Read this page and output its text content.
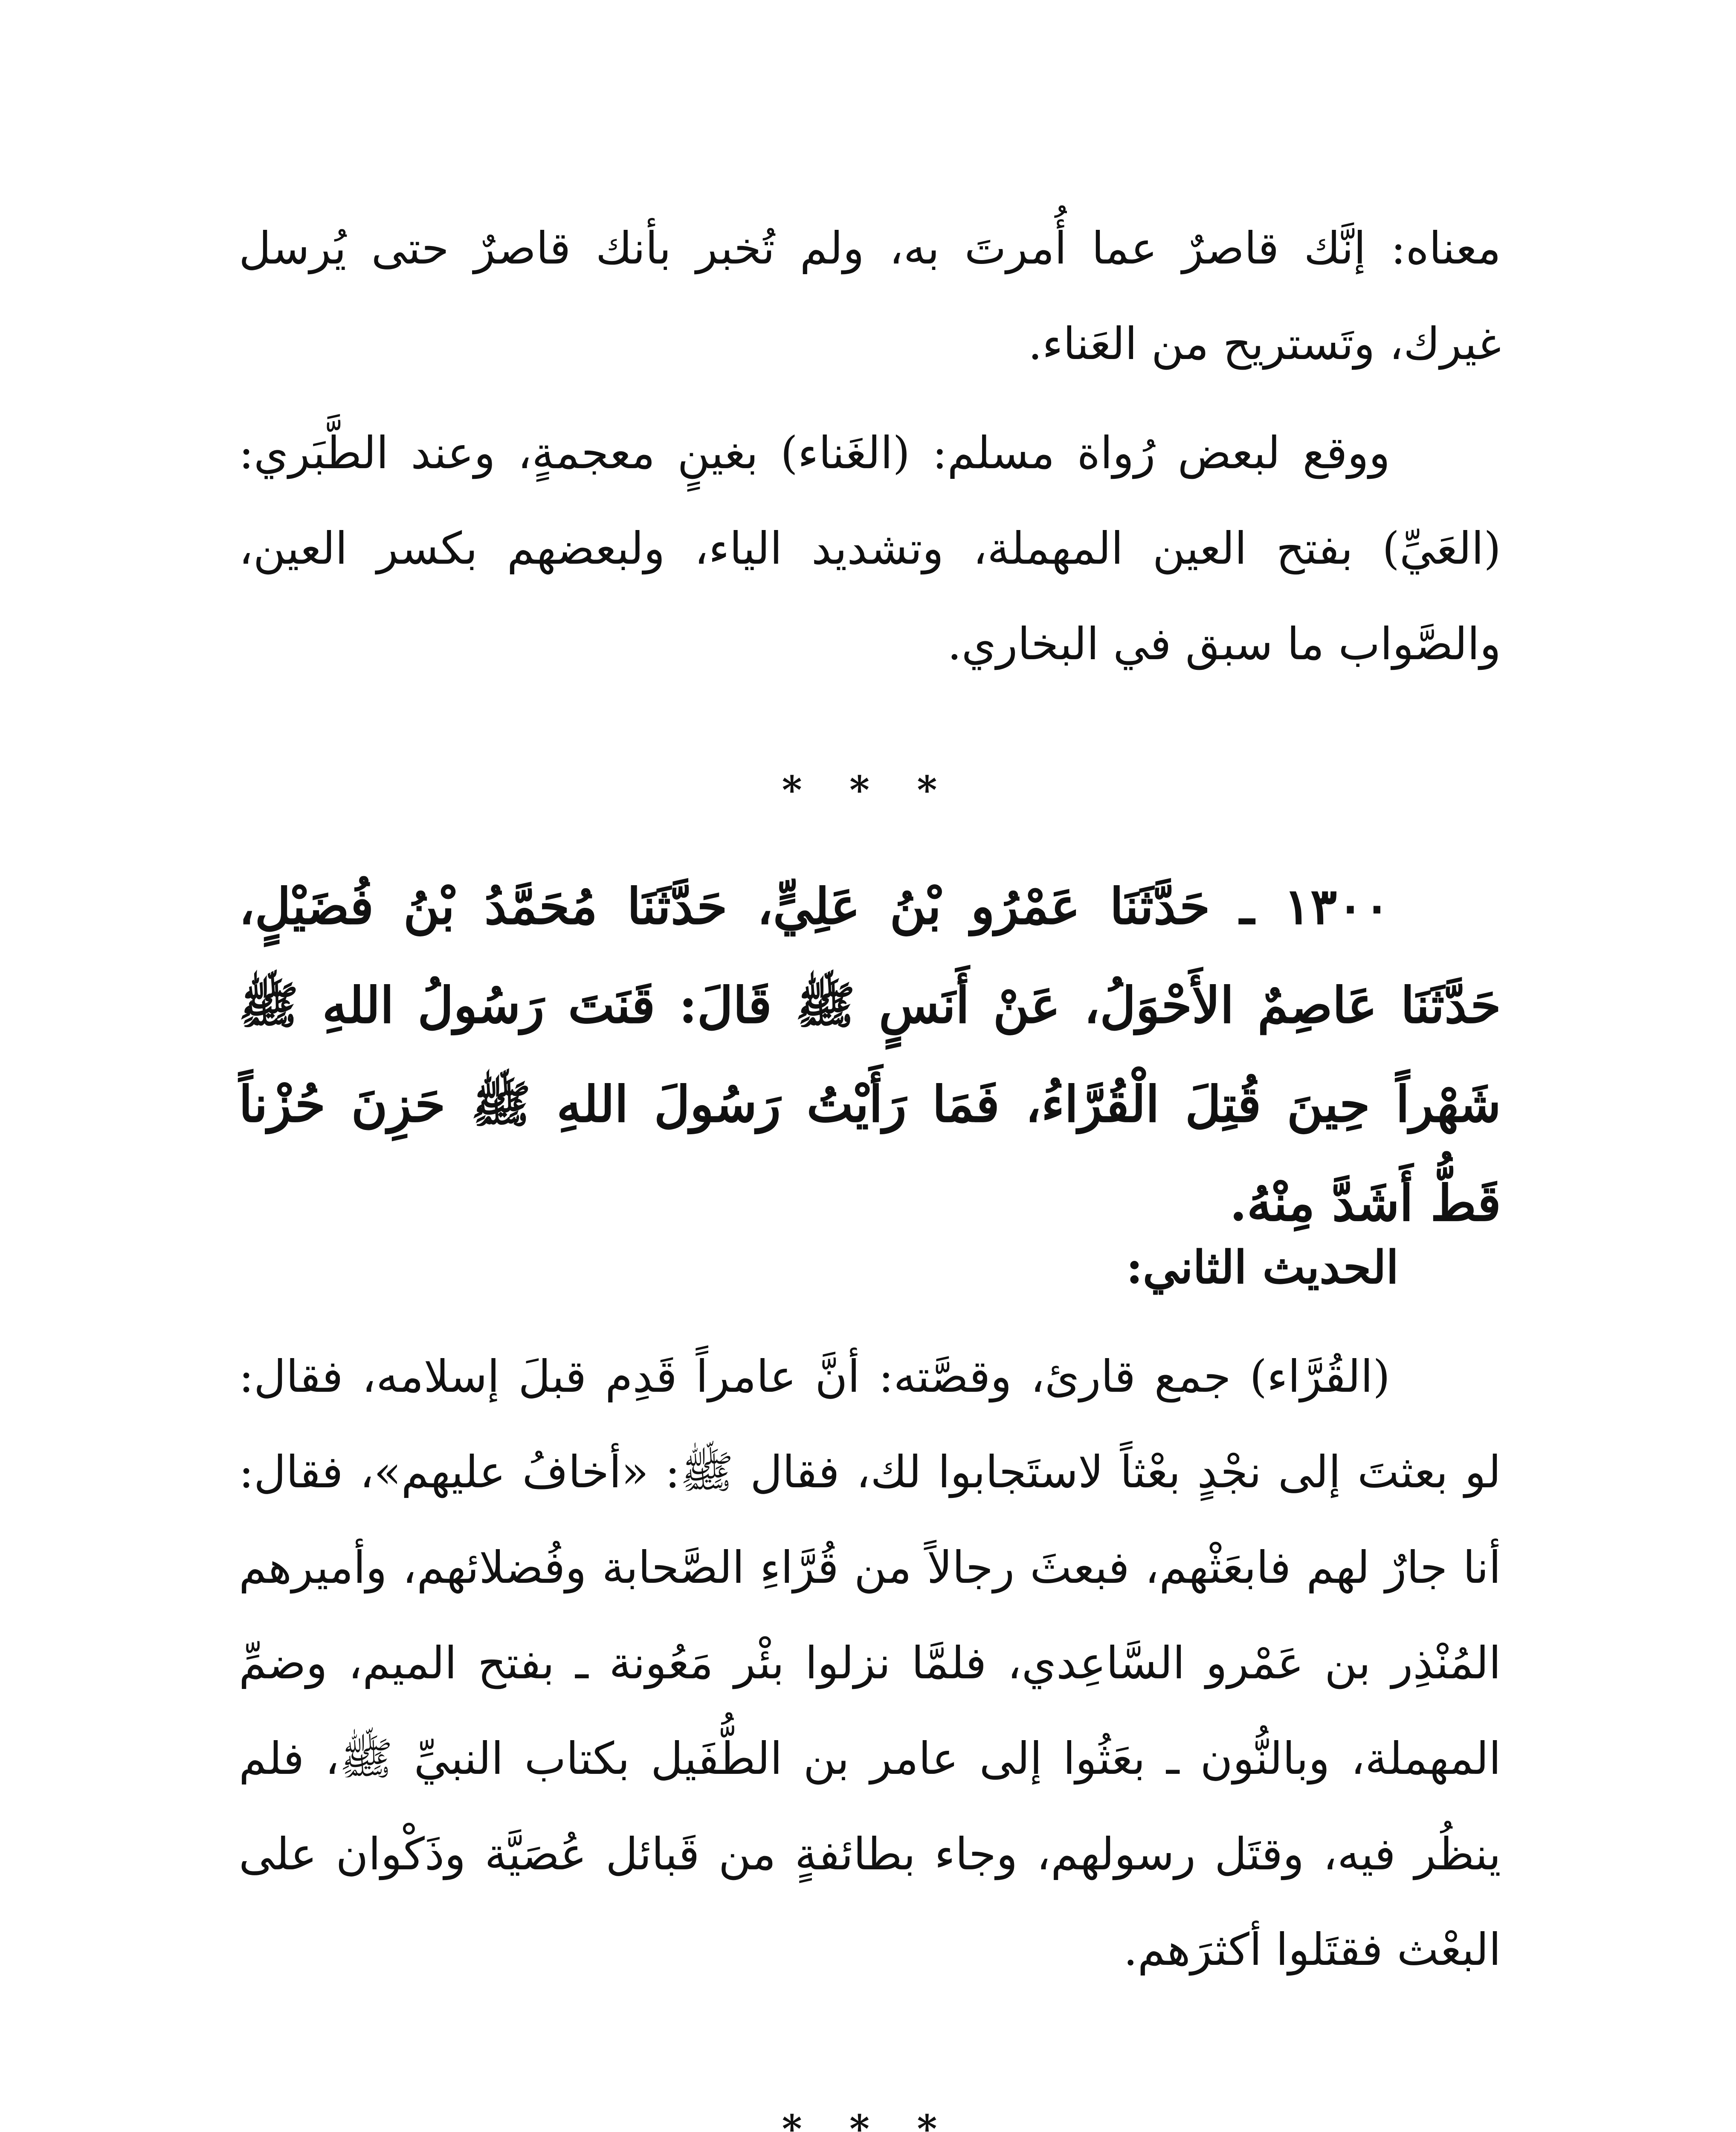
معناه: إنَّك قاصرٌ عما أُمرتَ به، ولم تُخبر بأنك قاصرٌ حتى يُرسل غيرك، وتَستريح من العَناء.

ووقع لبعض رُواة مسلم: (الغَناء) بغينٍ معجمةٍ، وعند الطَّبَري: (العَيِّ) بفتح العين المهملة، وتشديد الياء، ولبعضهم بكسر العين، والصَّواب ما سبق في البخاري.

* * *

١٣٠٠ ـ حَدَّثَنَا عَمْرُو بْنُ عَلِيٍّ، حَدَّثَنَا مُحَمَّدُ بْنُ فُضَيْلٍ، حَدَّثَنَا عَاصِمٌ الأَحْوَلُ، عَنْ أَنَسٍ ﷺ قَالَ: قَنَتَ رَسُولُ اللهِ ﷺ شَهْراً حِينَ قُتِلَ الْقُرَّاءُ، فَمَا رَأَيْتُ رَسُولَ اللهِ ﷺ حَزِنَ حُزْناً قَطُّ أَشَدَّ مِنْهُ.

الحديث الثاني:

(القُرَّاء) جمع قارئ، وقصَّته: أنَّ عامراً قَدِم قبلَ إسلامه، فقال: لو بعثتَ إلى نجْدٍ بعْثاً لاستَجابوا لك، فقال ﷺ: «أخافُ عليهم»، فقال: أنا جارٌ لهم فابعَثْهم، فبعثَ رجالاً من قُرَّاءِ الصَّحابة وفُضلائهم، وأميرهم المُنْذِر بن عَمْرو السَّاعِدي، فلمَّا نزلوا بئْر مَعُونة ـ بفتح الميم، وضمِّ المهملة، وبالنُّون ـ بعَثُوا إلى عامر بن الطُّفَيل بكتاب النبيِّ ﷺ، فلم ينظُر فيه، وقتَل رسولهم، وجاء بطائفةٍ من قَبائل عُصَيَّة وذَكْوان على البعْث فقتَلوا أكثرَهم.

* * *
